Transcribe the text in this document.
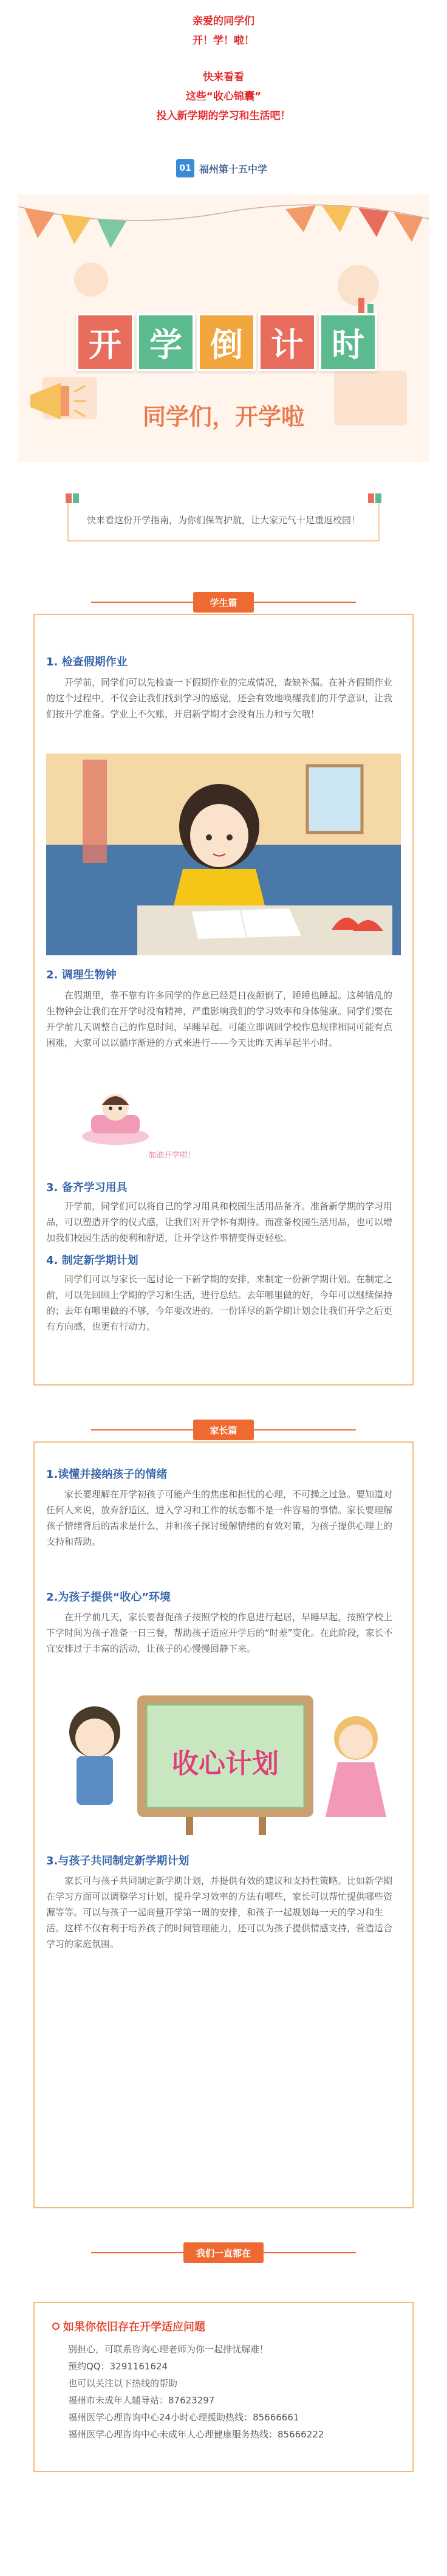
亲爱的同学们
开！学！啦！
快来看看
这些“收心锦囊”
投入新学期的学习和生活吧！
01 福州第十五中学
开 学 倒 计 时
同学们，开学啦
快来看这份开学指南，为你们保驾护航，让大家元气十足重返校园！
学生篇
1. 检查假期作业
开学前，同学们可以先检查一下假期作业的完成情况，查缺补漏。在补齐假期作业的这个过程中，不仅会让我们找到学习的感觉，还会有效地唤醒我们的开学意识，让我们按开学准备。学业上不欠账，开启新学期才会没有压力和亏欠哦！
2. 调理生物钟
在假期里，靠不靠有许多同学的作息已经是日夜颠倒了，睡睡也睡起。这种错乱的生物钟会让我们在开学时没有精神，严重影响我们的学习效率和身体健康。同学们要在开学前几天调整自己的作息时间，早睡早起。可能立即调回学校作息规律相同可能有点困难，大家可以以循序渐进的方式来进行——今天比昨天再早起半小时。
加油开学啦！
3. 备齐学习用具
开学前，同学们可以将自己的学习用具和校园生活用品备齐。准备新学期的学习用品，可以塑造开学的仪式感，让我们对开学怀有期待。而准备校园生活用品，也可以增加我们校园生活的便利和舒适，让开学这件事情变得更轻松。
4. 制定新学期计划
同学们可以与家长一起讨论一下新学期的安排，来制定一份新学期计划。在制定之前，可以先回顾上学期的学习和生活，进行总结。去年哪里做的好，今年可以继续保持的；去年有哪里做的不够，今年要改进的。一份详尽的新学期计划会让我们开学之后更有方向感，也更有行动力。
家长篇
1.读懂并接纳孩子的情绪
家长要理解在开学初孩子可能产生的焦虑和担忧的心理，不可操之过急。要知道对任何人来说，放弃舒适区，进入学习和工作的状态都不是一件容易的事情。家长要理解孩子情绪背后的需求是什么，并和孩子探讨缓解情绪的有效对策，为孩子提供心理上的支持和帮助。
2.为孩子提供“收心”环境
在开学前几天，家长要督促孩子按照学校的作息进行起居，早睡早起，按照学校上下学时间为孩子准备一日三餐，帮助孩子适应开学后的“时差”变化。在此阶段，家长不宜安排过于丰富的活动，让孩子的心慢慢回静下来。
收心计划
3.与孩子共同制定新学期计划
家长可与孩子共同制定新学期计划，并提供有效的建议和支持性策略。比如新学期在学习方面可以调整学习计划，提升学习效率的方法有哪些，家长可以帮忙提供哪些资源等等。可以与孩子一起商量开学第一周的安排，和孩子一起规划每一天的学习和生活。这样不仅有利于培养孩子的时间管理能力，还可以为孩子提供情感支持，营造适合学习的家庭氛围。
我们一直都在
如果你依旧存在开学适应问题
别担心，可联系咨询心理老师为你一起排忧解难！
预约QQ：3291161624
也可以关注以下热线的帮助
福州市未成年人辅导站：87623297
福州医学心理咨询中心24小时心理援助热线：85666661
福州医学心理咨询中心未成年人心理健康服务热线：85666222
